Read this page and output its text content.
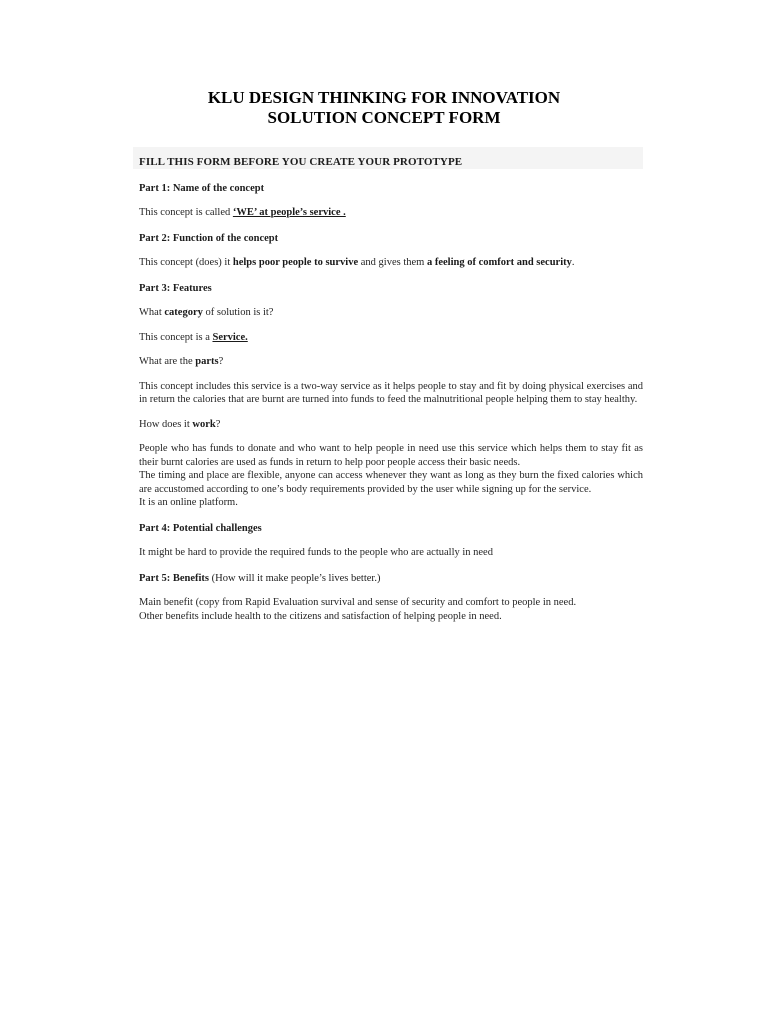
KLU DESIGN THINKING FOR INNOVATION
SOLUTION CONCEPT FORM
FILL THIS FORM BEFORE YOU CREATE YOUR PROTOTYPE
Part 1: Name of the concept

This concept is called ‘WE’ at people’s service .

Part 2: Function of the concept

This concept (does) it helps poor people to survive and gives them a feeling of comfort and security.

Part 3: Features

What category of solution is it?

This concept is a Service.

What are the parts?

This concept includes this service is a two-way service as it helps people to stay and fit by doing physical exercises and in return the calories that are burnt are turned into funds to feed the malnutritional people helping them to stay healthy.

How does it work?

People who has funds to donate and who want to help people in need use this service which helps them to stay fit as their burnt calories are used as funds in return to help poor people access their basic needs.

The timing and place are flexible, anyone can access whenever they want as long as they burn the fixed calories which are accustomed according to one’s body requirements provided by the user while signing up for the service.

It is an online platform.

Part 4: Potential challenges

It might be hard to provide the required funds to the people who are actually in need

Part 5: Benefits (How will it make people’s lives better.)

Main benefit (copy from Rapid Evaluation survival and sense of security and comfort to people in need.

Other benefits include health to the citizens and satisfaction of helping people in need.
